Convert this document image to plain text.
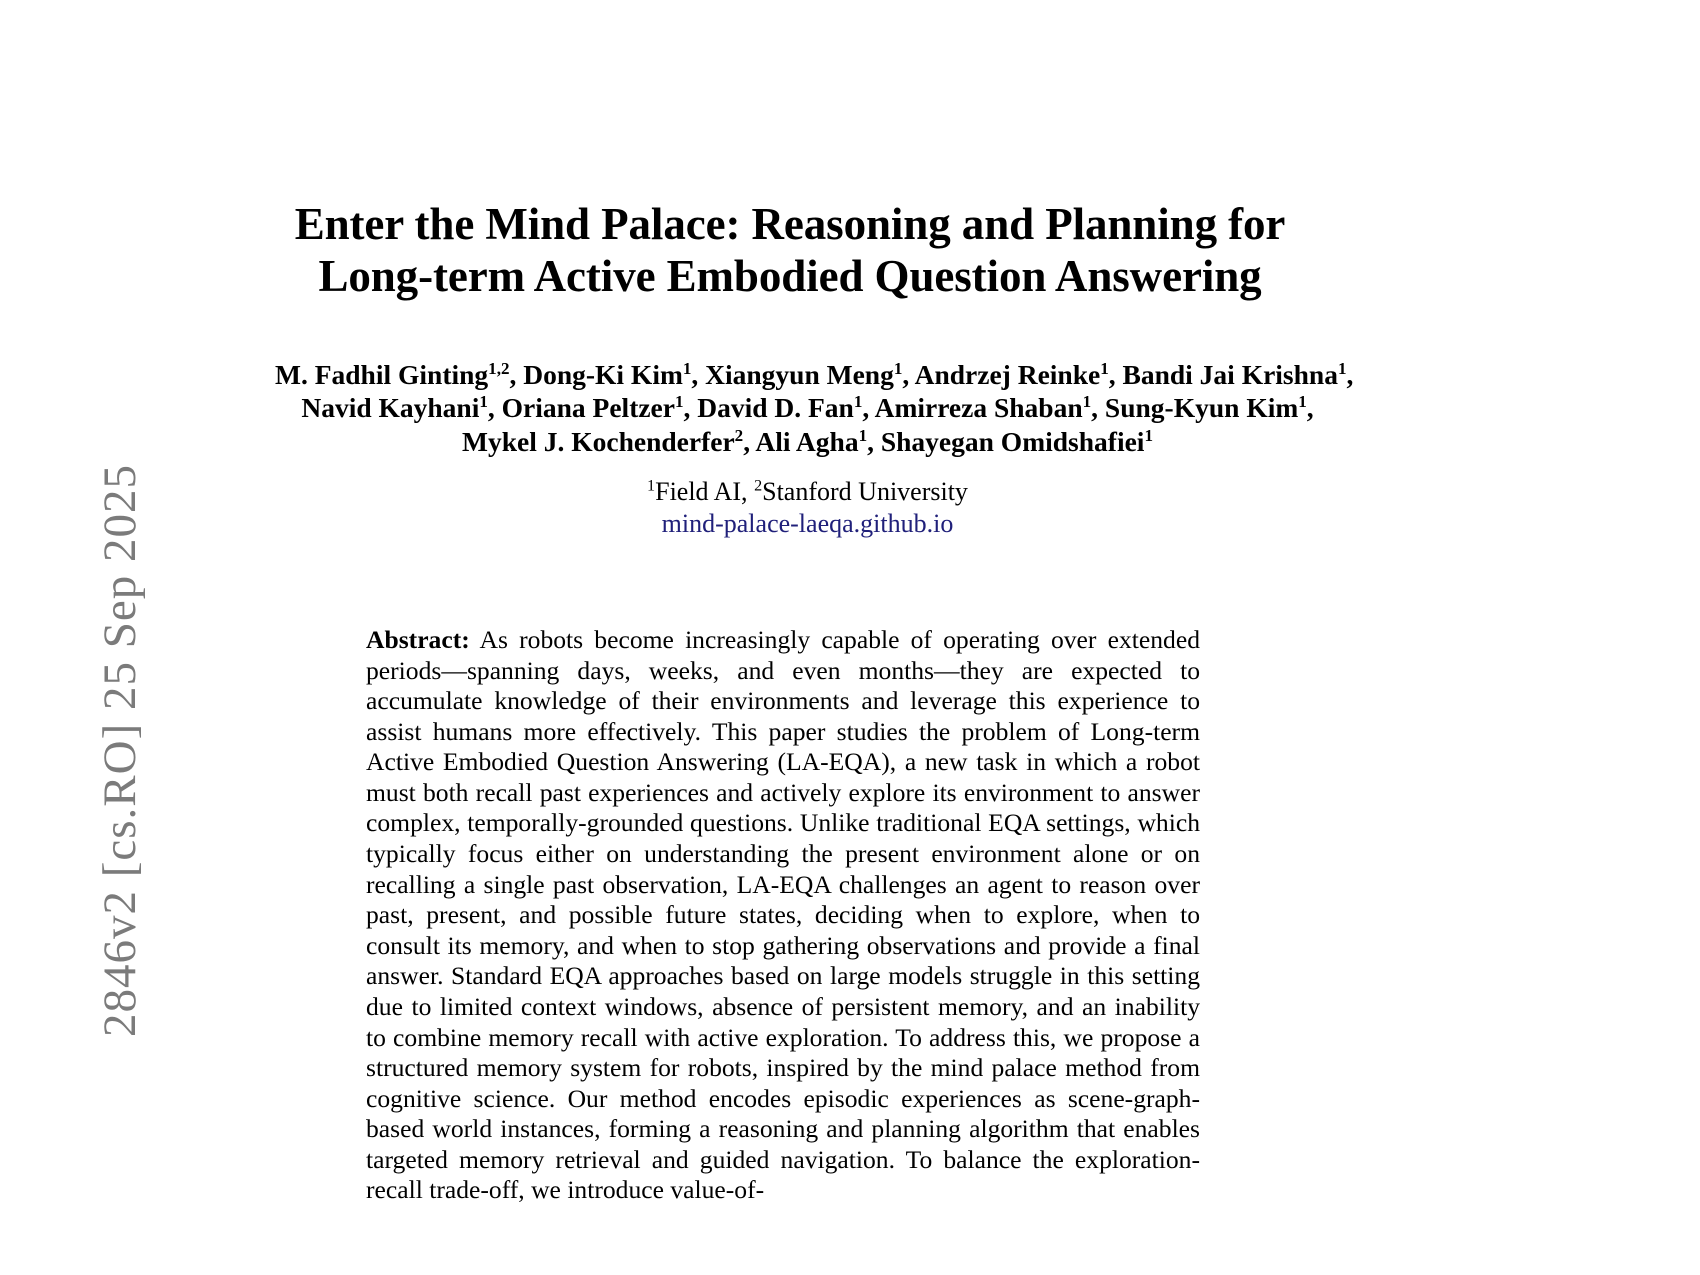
2846v2 [cs.RO] 25 Sep 2025
Enter the Mind Palace: Reasoning and Planning for Long-term Active Embodied Question Answering
M. Fadhil Ginting$^{1,2}$, Dong-Ki Kim$^1$, Xiangyun Meng$^1$, Andrzej Reinke$^1$, Bandi Jai Krishna$^1$,
Navid Kayhani$^1$, Oriana Peltzer$^1$, David D. Fan$^1$, Amirreza Shaban$^1$, Sung-Kyun Kim$^1$,
Mykel J. Kochenderfer$^2$, Ali Agha$^1$, Shayegan Omidshafiei$^1$
$^1$Field AI, $^2$Stanford University
mind-palace-laeqa.github.io
Abstract: As robots become increasingly capable of operating over extended periods—spanning days, weeks, and even months—they are expected to accumulate knowledge of their environments and leverage this experience to assist humans more effectively. This paper studies the problem of Long-term Active Embodied Question Answering (LA-EQA), a new task in which a robot must both recall past experiences and actively explore its environment to answer complex, temporally-grounded questions. Unlike traditional EQA settings, which typically focus either on understanding the present environment alone or on recalling a single past observation, LA-EQA challenges an agent to reason over past, present, and possible future states, deciding when to explore, when to consult its memory, and when to stop gathering observations and provide a final answer. Standard EQA approaches based on large models struggle in this setting due to limited context windows, absence of persistent memory, and an inability to combine memory recall with active exploration. To address this, we propose a structured memory system for robots, inspired by the mind palace method from cognitive science. Our method encodes episodic experiences as scene-graph-based world instances, forming a reasoning and planning algorithm that enables targeted memory retrieval and guided navigation. To balance the exploration-recall trade-off, we introduce value-of-
